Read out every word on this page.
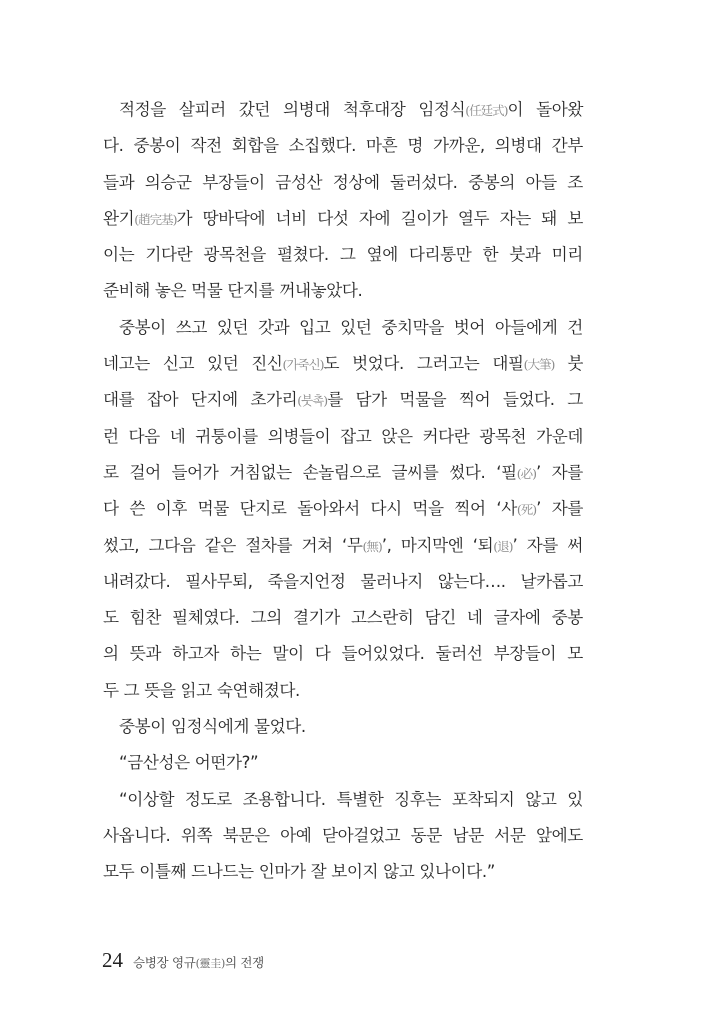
적정을 살피러 갔던 의병대 척후대장 임정식(任廷式)이 돌아왔
다. 중봉이 작전 회합을 소집했다. 마흔 명 가까운, 의병대 간부
들과 의승군 부장들이 금성산 정상에 둘러섰다. 중봉의 아들 조
완기(趙完基)가 땅바닥에 너비 다섯 자에 길이가 열두 자는 돼 보
이는 기다란 광목천을 펼쳤다. 그 옆에 다리통만 한 붓과 미리
준비해 놓은 먹물 단지를 꺼내놓았다.
중봉이 쓰고 있던 갓과 입고 있던 중치막을 벗어 아들에게 건
네고는 신고 있던 진신(가죽신)도 벗었다. 그러고는 대필(大筆) 붓
대를 잡아 단지에 초가리(붓촉)를 담가 먹물을 찍어 들었다. 그
런 다음 네 귀퉁이를 의병들이 잡고 앉은 커다란 광목천 가운데
로 걸어 들어가 거침없는 손놀림으로 글씨를 썼다. ‘필(必)’ 자를
다 쓴 이후 먹물 단지로 돌아와서 다시 먹을 찍어 ‘사(死)’ 자를
썼고, 그다음 같은 절차를 거쳐 ‘무(無)’, 마지막엔 ‘퇴(退)’ 자를 써
내려갔다. 필사무퇴, 죽을지언정 물러나지 않는다…. 날카롭고
도 힘찬 필체였다. 그의 결기가 고스란히 담긴 네 글자에 중봉
의 뜻과 하고자 하는 말이 다 들어있었다. 둘러선 부장들이 모
두 그 뜻을 읽고 숙연해졌다.
중봉이 임정식에게 물었다.
“금산성은 어떤가?”
“이상할 정도로 조용합니다. 특별한 징후는 포착되지 않고 있
사옵니다. 위쪽 북문은 아예 닫아걸었고 동문 남문 서문 앞에도
모두 이틀째 드나드는 인마가 잘 보이지 않고 있나이다.”
24 승병장 영규(靈圭)의 전쟁
